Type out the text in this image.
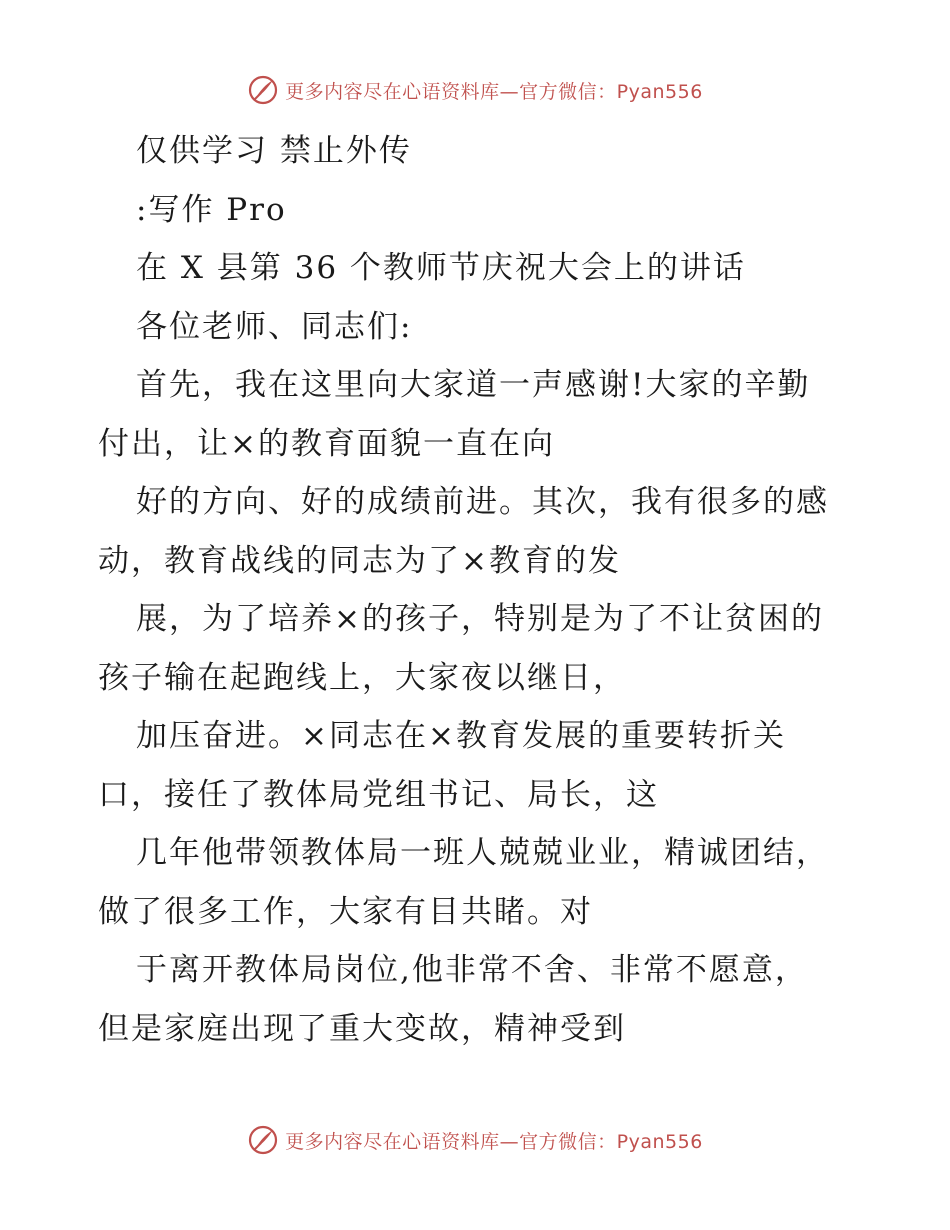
更多内容尽在心语资料库—官方微信：Pyan556
仅供学习 禁止外传
:写作 Pro
在 X 县第 36 个教师节庆祝大会上的讲话
各位老师、同志们:
首先，我在这里向大家道一声感谢!大家的辛勤
付出，让×的教育面貌一直在向
好的方向、好的成绩前进。其次，我有很多的感
动，教育战线的同志为了×教育的发
展，为了培养×的孩子，特别是为了不让贫困的
孩子输在起跑线上，大家夜以继日，
加压奋进。×同志在×教育发展的重要转折关
口，接任了教体局党组书记、局长，这
几年他带领教体局一班人兢兢业业，精诚团结，
做了很多工作，大家有目共睹。对
于离开教体局岗位,他非常不舍、非常不愿意，
但是家庭出现了重大变故，精神受到
更多内容尽在心语资料库—官方微信：Pyan556
